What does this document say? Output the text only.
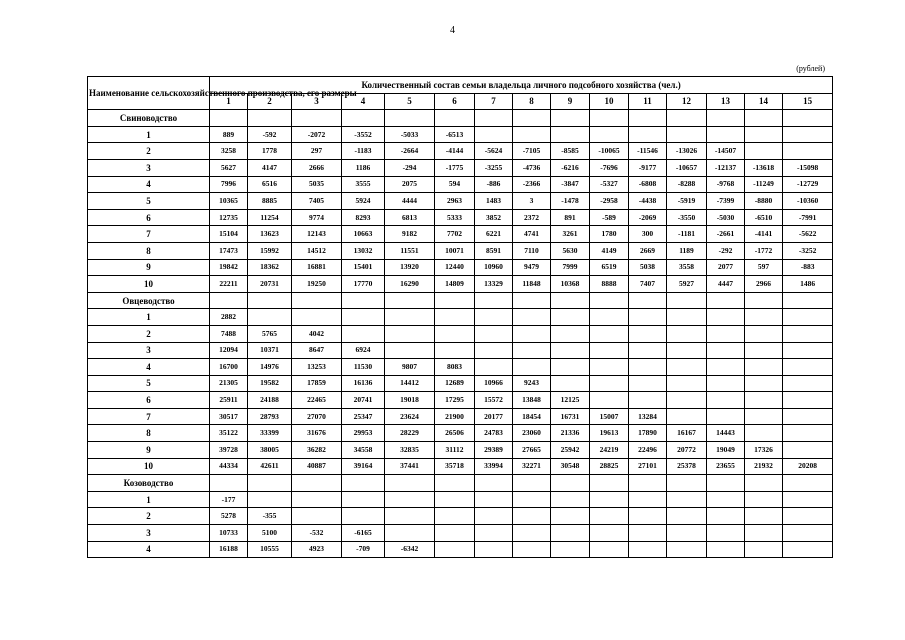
4
(рублей)
Наименование сельскохозяйственного производства, его размеры	Количественный состав семьи владельца личного подсобного хозяйства (чел.)														
	1	2	3	4	5	6	7	8	9	10	11	12	13	14	15
Свиноводство															
1	889	-592	-2072	-3552	-5033	-6513									
2	3258	1778	297	-1183	-2664	-4144	-5624	-7105	-8585	-10065	-11546	-13026	-14507		
3	5627	4147	2666	1186	-294	-1775	-3255	-4736	-6216	-7696	-9177	-10657	-12137	-13618	-15098
4	7996	6516	5035	3555	2075	594	-886	-2366	-3847	-5327	-6808	-8288	-9768	-11249	-12729
5	10365	8885	7405	5924	4444	2963	1483	3	-1478	-2958	-4438	-5919	-7399	-8880	-10360
6	12735	11254	9774	8293	6813	5333	3852	2372	891	-589	-2069	-3550	-5030	-6510	-7991
7	15104	13623	12143	10663	9182	7702	6221	4741	3261	1780	300	-1181	-2661	-4141	-5622
8	17473	15992	14512	13032	11551	10071	8591	7110	5630	4149	2669	1189	-292	-1772	-3252
9	19842	18362	16881	15401	13920	12440	10960	9479	7999	6519	5038	3558	2077	597	-883
10	22211	20731	19250	17770	16290	14809	13329	11848	10368	8888	7407	5927	4447	2966	1486
Овцеводство															
1	2882														
2	7488	5765	4042												
3	12094	10371	8647	6924											
4	16700	14976	13253	11530	9807	8083									
5	21305	19582	17859	16136	14412	12689	10966	9243							
6	25911	24188	22465	20741	19018	17295	15572	13848	12125						
7	30517	28793	27070	25347	23624	21900	20177	18454	16731	15007	13284				
8	35122	33399	31676	29953	28229	26506	24783	23060	21336	19613	17890	16167	14443		
9	39728	38005	36282	34558	32835	31112	29389	27665	25942	24219	22496	20772	19049	17326	
10	44334	42611	40887	39164	37441	35718	33994	32271	30548	28825	27101	25378	23655	21932	20208
Козоводство															
1	-177														
2	5278	-355													
3	10733	5100	-532	-6165											
4	16188	10555	4923	-709	-6342										
